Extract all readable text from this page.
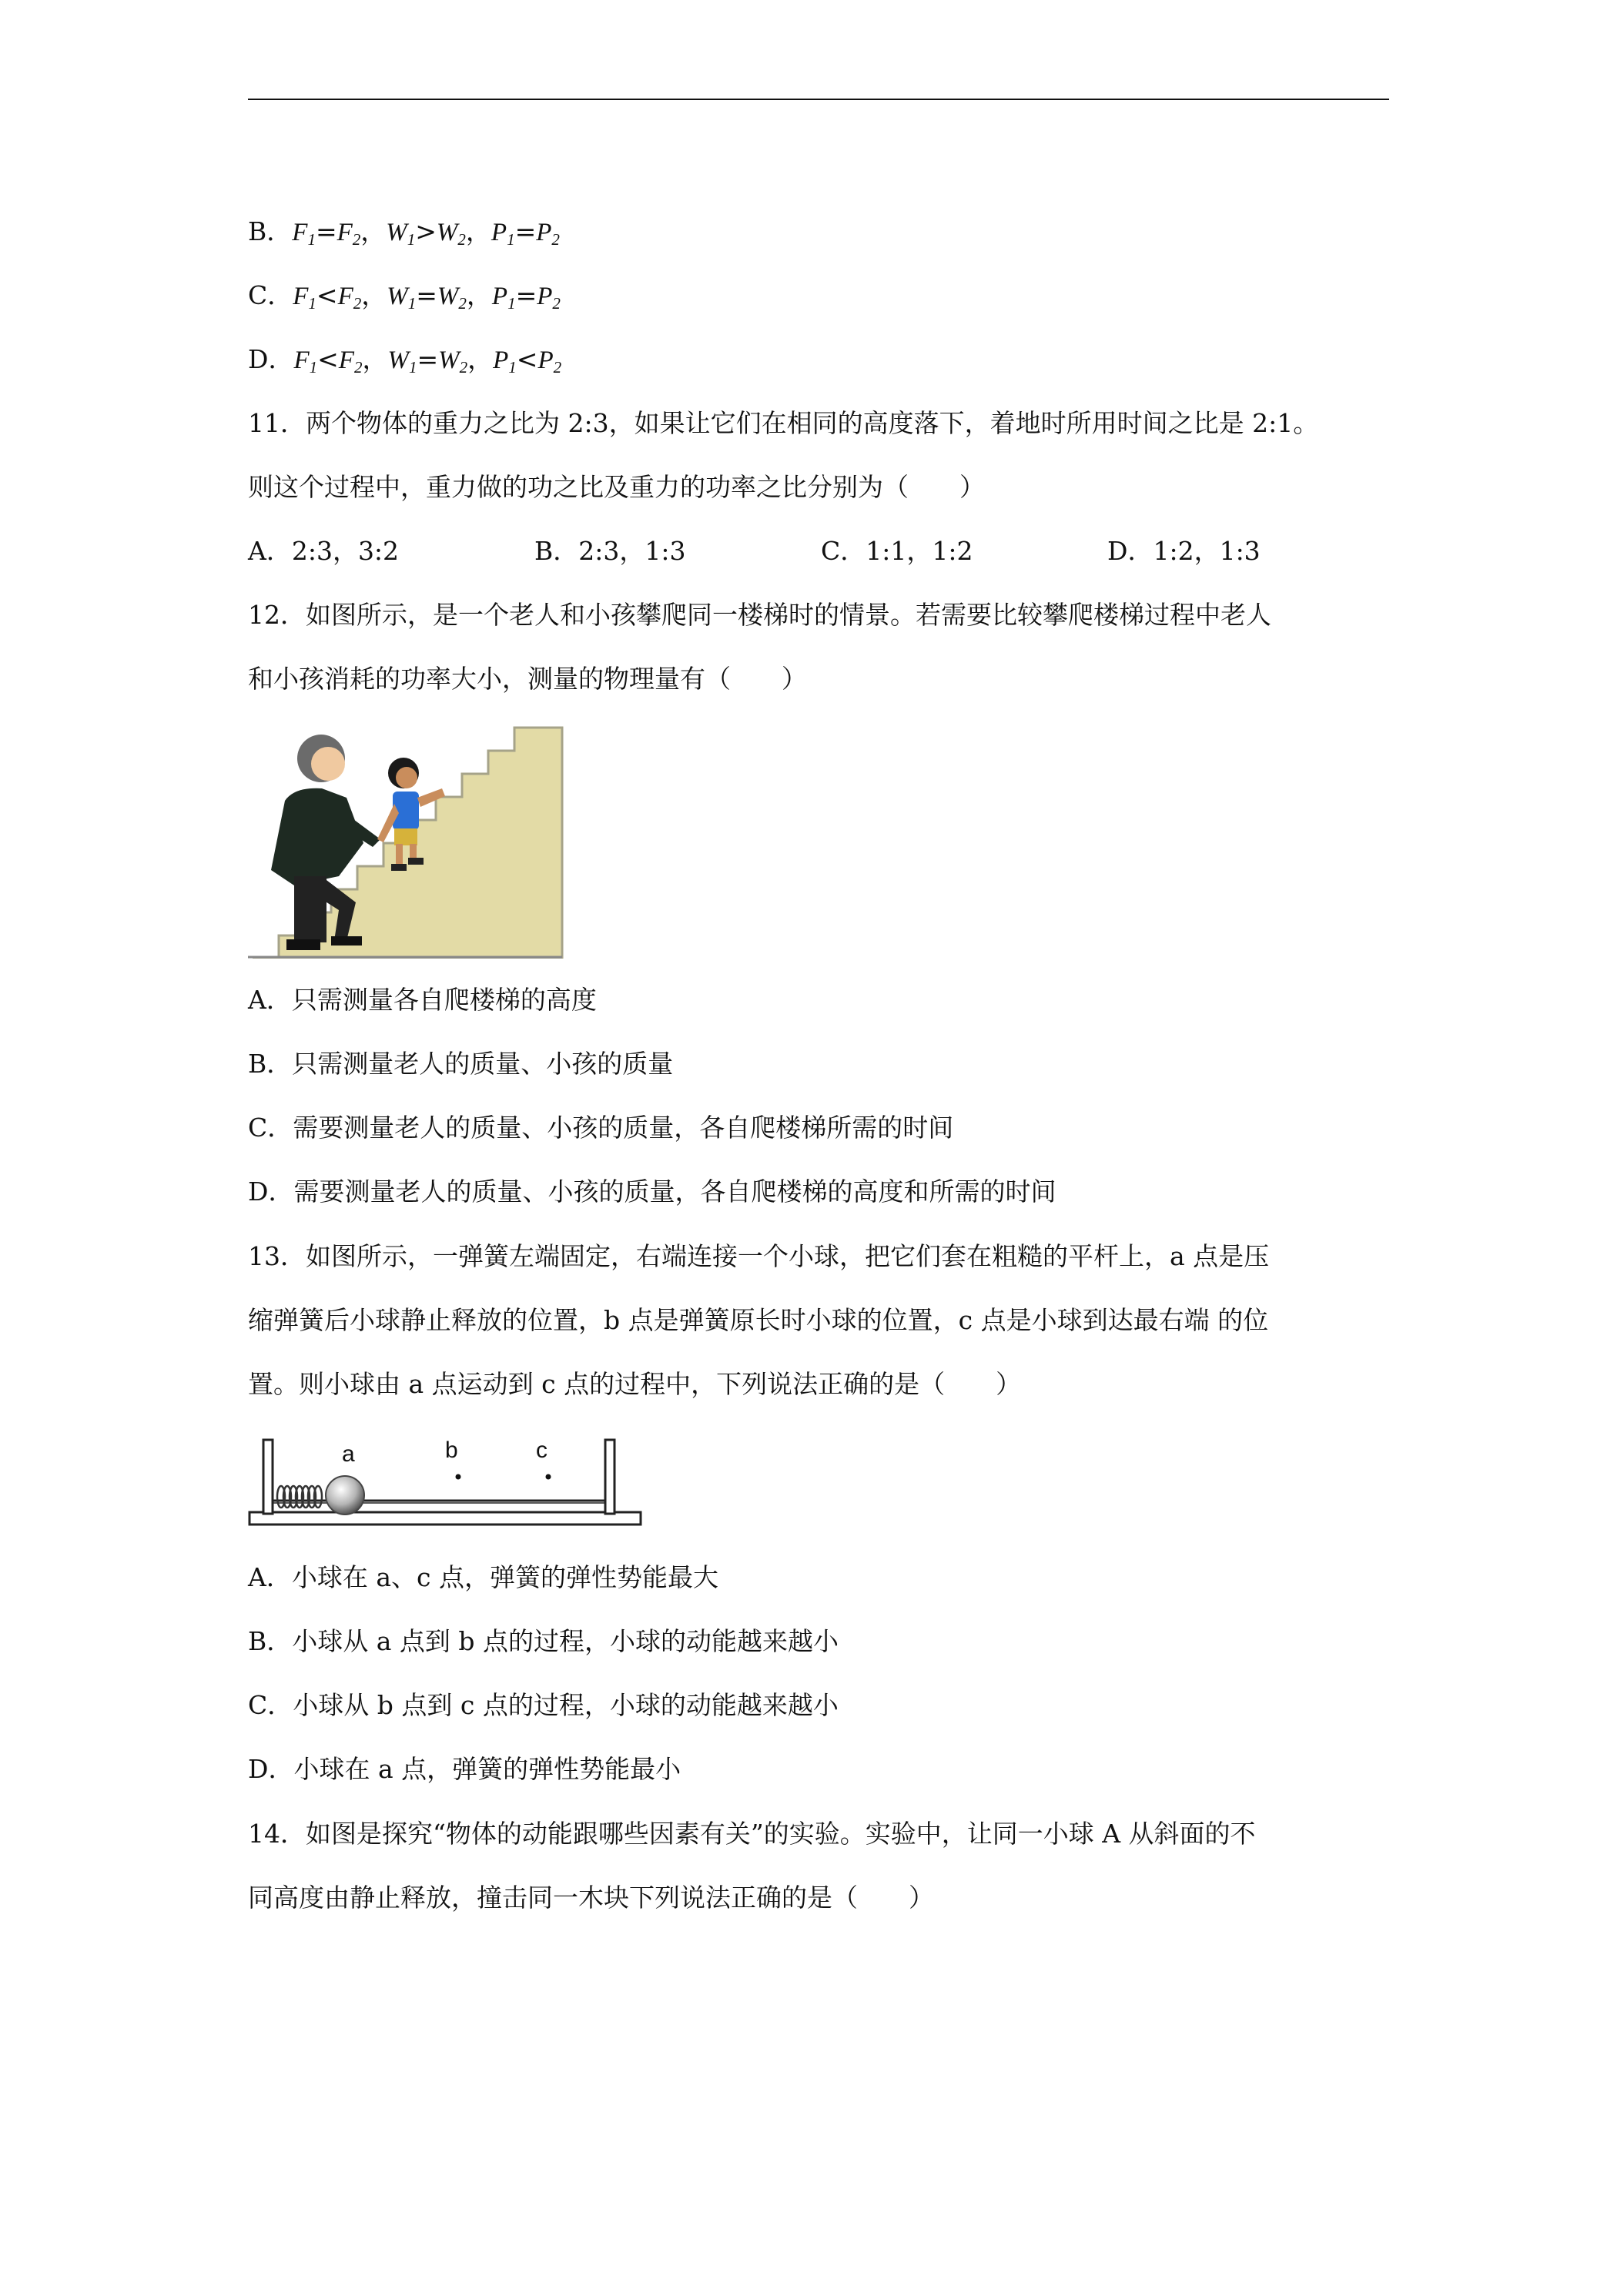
B．$F_1=F_2$，$W_1>W_2$，$P_1=P_2$
C．$F_1<F_2$，$W_1=W_2$，$P_1=P_2$
D．$F_1<F_2$，$W_1=W_2$，$P_1<P_2$
11．两个物体的重力之比为 2:3，如果让它们在相同的高度落下，着地时所用时间之比是 2:1。
则这个过程中，重力做的功之比及重力的功率之比分别为（　　）
A．2:3，3:2	B．2:3，1:3	C．1:1，1:2	D．1:2，1:3
12．如图所示，是一个老人和小孩攀爬同一楼梯时的情景。若需要比较攀爬楼梯过程中老人
和小孩消耗的功率大小，测量的物理量有（　　）
A．只需测量各自爬楼梯的高度
B．只需测量老人的质量、小孩的质量
C．需要测量老人的质量、小孩的质量，各自爬楼梯所需的时间
D．需要测量老人的质量、小孩的质量，各自爬楼梯的高度和所需的时间
13．如图所示，一弹簧左端固定，右端连接一个小球，把它们套在粗糙的平杆上，a 点是压
缩弹簧后小球静止释放的位置，b 点是弹簧原长时小球的位置，c 点是小球到达最右端 的位
置。则小球由 a 点运动到 c 点的过程中，下列说法正确的是（　　）
a	b	c
A．小球在 a、c 点，弹簧的弹性势能最大
B．小球从 a 点到 b 点的过程，小球的动能越来越小
C．小球从 b 点到 c 点的过程，小球的动能越来越小
D．小球在 a 点，弹簧的弹性势能最小
14．如图是探究“物体的动能跟哪些因素有关”的实验。实验中，让同一小球 A 从斜面的不
同高度由静止释放，撞击同一木块下列说法正确的是（　　）
